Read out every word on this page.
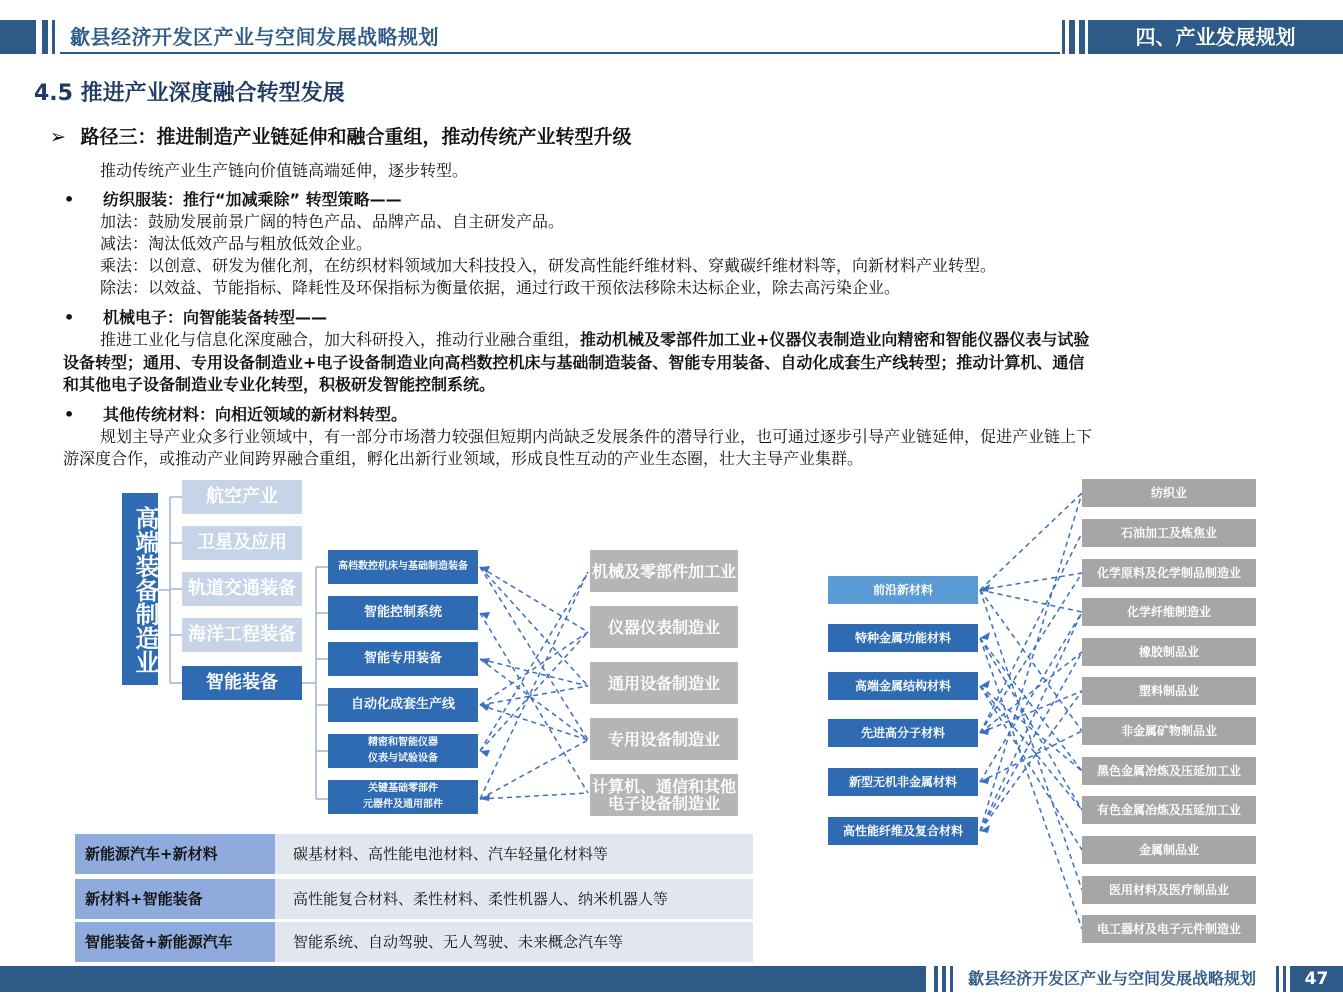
歙县经济开发区产业与空间发展战略规划	四、产业发展规划
4.5 推进产业深度融合转型发展
➢ 路径三：推进制造产业链延伸和融合重组，推动传统产业转型升级
推动传统产业生产链向价值链高端延伸，逐步转型。
• 纺织服装：推行“加减乘除” 转型策略——
加法：鼓励发展前景广阔的特色产品、品牌产品、自主研发产品。
减法：淘汰低效产品与粗放低效企业。
乘法：以创意、研发为催化剂，在纺织材料领域加大科技投入，研发高性能纤维材料、穿戴碳纤维材料等，向新材料产业转型。
除法：以效益、节能指标、降耗性及环保指标为衡量依据，通过行政干预依法移除未达标企业，除去高污染企业。
• 机械电子：向智能装备转型——
推进工业化与信息化深度融合，加大科研投入，推动行业融合重组，推动机械及零部件加工业+仪器仪表制造业向精密和智能仪器仪表与试验
设备转型；通用、专用设备制造业+电子设备制造业向高档数控机床与基础制造装备、智能专用装备、自动化成套生产线转型；推动计算机、通信
和其他电子设备制造业专业化转型，积极研发智能控制系统。
• 其他传统材料：向相近领域的新材料转型。
规划主导产业众多行业领域中，有一部分市场潜力较强但短期内尚缺乏发展条件的潜导行业，也可通过逐步引导产业链延伸，促进产业链上下
游深度合作，或推动产业间跨界融合重组，孵化出新行业领域，形成良性互动的产业生态圈，壮大主导产业集群。
高端装备制造业
航空产业
卫星及应用
轨道交通装备
海洋工程装备
智能装备
高档数控机床与基础制造装备
智能控制系统
智能专用装备
自动化成套生产线
精密和智能仪器
仪表与试验设备
关键基础零部件
元器件及通用部件
机械及零部件加工业
仪器仪表制造业
通用设备制造业
专用设备制造业
计算机、通信和其他
电子设备制造业
新能源汽车+新材料	碳基材料、高性能电池材料、汽车轻量化材料等
新材料+智能装备	高性能复合材料、柔性材料、柔性机器人、纳米机器人等
智能装备+新能源汽车	智能系统、自动驾驶、无人驾驶、未来概念汽车等
前沿新材料
特种金属功能材料
高端金属结构材料
先进高分子材料
新型无机非金属材料
高性能纤维及复合材料
纺织业
石油加工及炼焦业
化学原料及化学制品制造业
化学纤维制造业
橡胶制品业
塑料制品业
非金属矿物制品业
黑色金属冶炼及压延加工业
有色金属冶炼及压延加工业
金属制品业
医用材料及医疗制品业
电工器材及电子元件制造业
歙县经济开发区产业与空间发展战略规划	47
